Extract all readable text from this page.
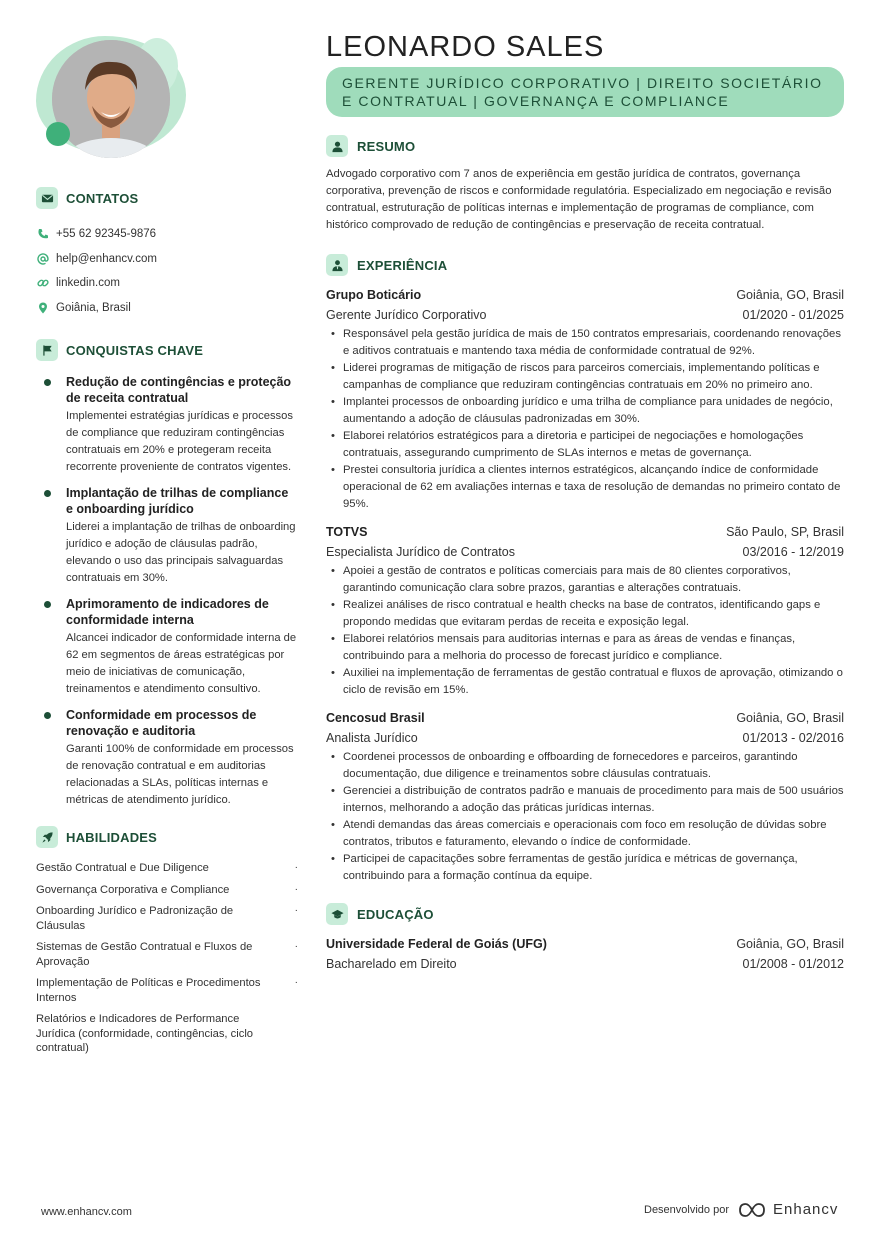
CONTATOS
+55 62 92345-9876
help@enhancv.com
linkedin.com
Goiânia, Brasil
CONQUISTAS CHAVE
Redução de contingências e proteção de receita contratual
Implementei estratégias jurídicas e processos de compliance que reduziram contingências contratuais em 20% e protegeram receita recorrente proveniente de contratos vigentes.
Implantação de trilhas de compliance e onboarding jurídico
Liderei a implantação de trilhas de onboarding jurídico e adoção de cláusulas padrão, elevando o uso das principais salvaguardas contratuais em 30%.
Aprimoramento de indicadores de conformidade interna
Alcancei indicador de conformidade interna de 62 em segmentos de áreas estratégicas por meio de iniciativas de comunicação, treinamentos e atendimento consultivo.
Conformidade em processos de renovação e auditoria
Garanti 100% de conformidade em processos de renovação contratual e em auditorias relacionadas a SLAs, políticas internas e métricas de atendimento jurídico.
HABILIDADES
Gestão Contratual e Due Diligence	·
Governança Corporativa e Compliance	·
Onboarding Jurídico e Padronização de Cláusulas
·
Sistemas de Gestão Contratual e Fluxos de Aprovação
·
Implementação de Políticas e Procedimentos Internos
·
Relatórios e Indicadores de Performance Jurídica (conformidade, contingências, ciclo contratual)
LEONARDO SALES
GERENTE JURÍDICO CORPORATIVO | DIREITO SOCIETÁRIO E CONTRATUAL | GOVERNANÇA E COMPLIANCE
RESUMO

Advogado corporativo com 7 anos de experiência em gestão jurídica de contratos, governança corporativa, prevenção de riscos e conformidade regulatória. Especializado em negociação e revisão contratual, estruturação de políticas internas e implementação de programas de compliance, com histórico comprovado de redução de contingências e preservação de receita contratual.

EXPERIÊNCIA
Grupo Boticário	Goiânia, GO, Brasil
Gerente Jurídico Corporativo	01/2020 - 01/2025
• Responsável pela gestão jurídica de mais de 150 contratos empresariais, coordenando renovações e aditivos contratuais e mantendo taxa média de conformidade contratual de 92%.
• Liderei programas de mitigação de riscos para parceiros comerciais, implementando políticas e campanhas de compliance que reduziram contingências contratuais em 20% no primeiro ano.
• Implantei processos de onboarding jurídico e uma trilha de compliance para unidades de negócio, aumentando a adoção de cláusulas padronizadas em 30%.
• Elaborei relatórios estratégicos para a diretoria e participei de negociações e homologações contratuais, assegurando cumprimento de SLAs internos e metas de governança.
• Prestei consultoria jurídica a clientes internos estratégicos, alcançando índice de conformidade operacional de 62 em avaliações internas e taxa de resolução de demandas no primeiro contato de 95%.
TOTVS	São Paulo, SP, Brasil
Especialista Jurídico de Contratos	03/2016 - 12/2019
• Apoiei a gestão de contratos e políticas comerciais para mais de 80 clientes corporativos, garantindo comunicação clara sobre prazos, garantias e alterações contratuais.
• Realizei análises de risco contratual e health checks na base de contratos, identificando gaps e propondo medidas que evitaram perdas de receita e exposição legal.
• Elaborei relatórios mensais para auditorias internas e para as áreas de vendas e finanças, contribuindo para a melhoria do processo de forecast jurídico e compliance.
• Auxiliei na implementação de ferramentas de gestão contratual e fluxos de aprovação, otimizando o ciclo de revisão em 15%.
Cencosud Brasil	Goiânia, GO, Brasil
Analista Jurídico	01/2013 - 02/2016
• Coordenei processos de onboarding e offboarding de fornecedores e parceiros, garantindo documentação, due diligence e treinamentos sobre cláusulas contratuais.
• Gerenciei a distribuição de contratos padrão e manuais de procedimento para mais de 500 usuários internos, melhorando a adoção das práticas jurídicas internas.
• Atendi demandas das áreas comerciais e operacionais com foco em resolução de dúvidas sobre contratos, tributos e faturamento, elevando o índice de conformidade.
• Participei de capacitações sobre ferramentas de gestão jurídica e métricas de governança, contribuindo para a formação contínua da equipe.
EDUCAÇÃO
Universidade Federal de Goiás (UFG)	Goiânia, GO, Brasil
Bacharelado em Direito	01/2008 - 01/2012
www.enhancv.com	Desenvolvido por	Enhancv
